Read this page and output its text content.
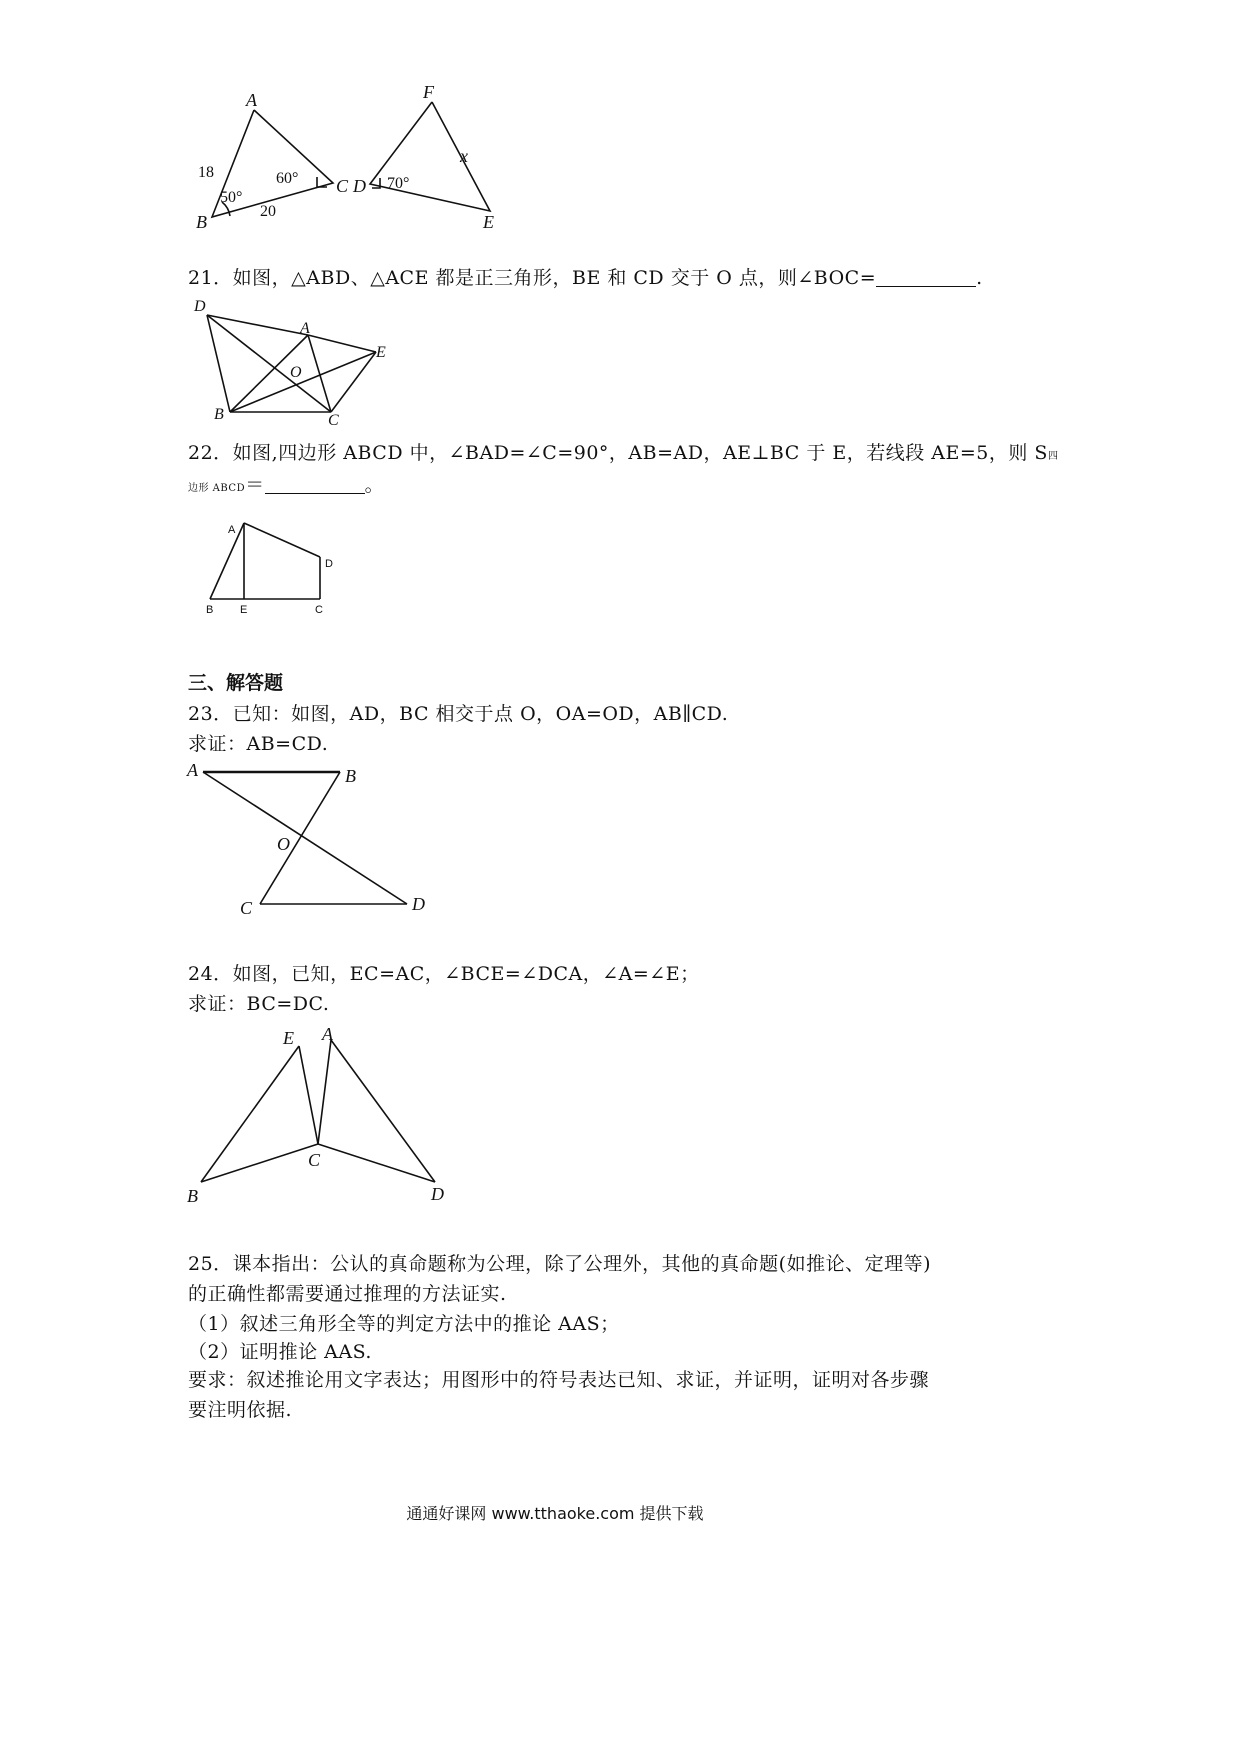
A
B
C
18
20
50°
60°
F
D
E
x
70°
21．如图，△ABD、△ACE 都是正三角形，BE 和 CD 交于 O 点，则∠BOC=	.
D
A
E
O
B	C
22．如图,四边形 ABCD 中，∠BAD=∠C=90°，AB=AD，AE⊥BC 于 E，若线段 AE=5，则 S四
边形 ABCD＝	。
A
D
B E	C
三、解答题
23．已知：如图，AD，BC 相交于点 O，OA=OD，AB∥CD.
求证：AB=CD.
A	B
O
C	D
24．如图，已知，EC=AC，∠BCE=∠DCA，∠A=∠E；
求证：BC=DC.
E A
C
B	D
25．课本指出：公认的真命题称为公理，除了公理外，其他的真命题(如推论、定理等)
的正确性都需要通过推理的方法证实.
（1）叙述三角形全等的判定方法中的推论 AAS；
（2）证明推论 AAS.
要求：叙述推论用文字表达；用图形中的符号表达已知、求证，并证明，证明对各步骤
要注明依据.
通通好课网 www.tthaoke.com 提供下载
